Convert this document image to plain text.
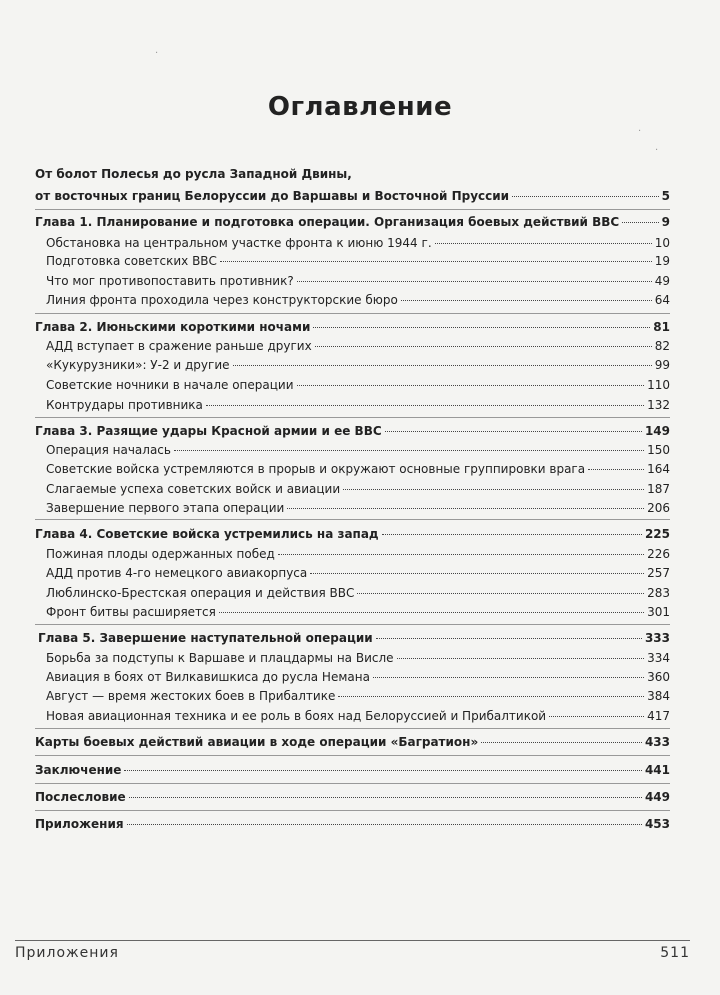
Оглавление
·
·
·
От болот Полесья до русла Западной Двины,
от восточных границ Белоруссии до Варшавы и Восточной Пруссии	5
Глава 1. Планирование и подготовка операции. Организация боевых действий ВВС	9
Обстановка на центральном участке фронта к июню 1944 г.	10
Подготовка советских ВВС	19
Что мог противопоставить противник?	49
Линия фронта проходила через конструкторские бюро	64
Глава 2. Июньскими короткими ночами	81
АДД вступает в сражение раньше других	82
«Кукурузники»: У-2 и другие	99
Советские ночники в начале операции	110
Контрудары противника	132
Глава 3. Разящие удары Красной армии и ее ВВС	149
Операция началась	150
Советские войска устремляются в прорыв и окружают основные группировки врага	164
Слагаемые успеха советских войск и авиации	187
Завершение первого этапа операции	206
Глава 4. Советские войска устремились на запад	225
Пожиная плоды одержанных побед	226
АДД против 4-го немецкого авиакорпуса	257
Люблинско-Брестская операция и действия ВВС	283
Фронт битвы расширяется	301
Глава 5. Завершение наступательной операции	333
Борьба за подступы к Варшаве и плацдармы на Висле	334
Авиация в боях от Вилкавишкиса до русла Немана	360
Август — время жестоких боев в Прибалтике	384
Новая авиационная техника и ее роль в боях над Белоруссией и Прибалтикой	417
Карты боевых действий авиации в ходе операции «Багратион»	433
Заключение	441
Послесловие	449
Приложения	453
Приложения	511
